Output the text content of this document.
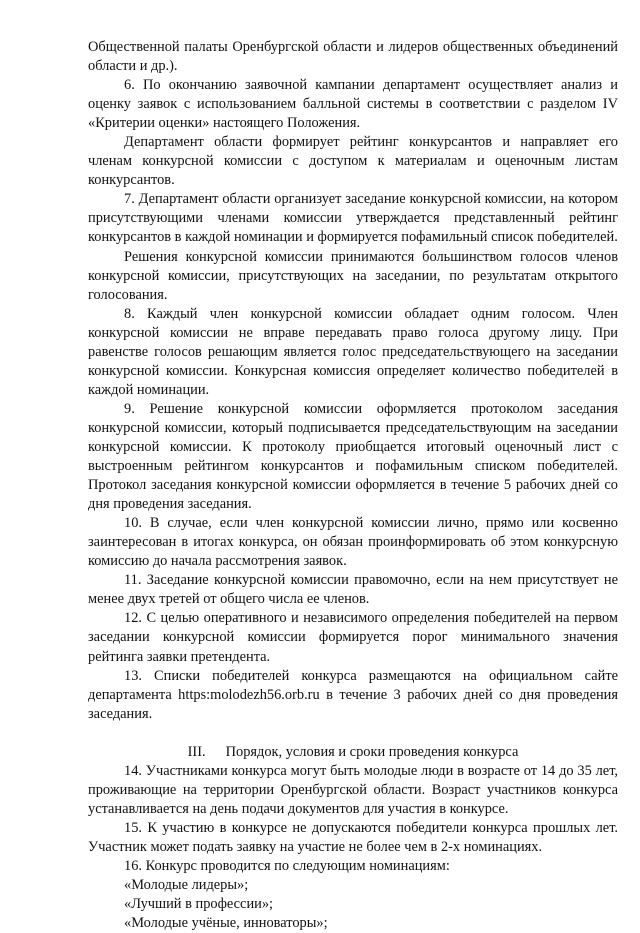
Общественной палаты Оренбургской области и лидеров общественных объединений области и др.).

6. По окончанию заявочной кампании департамент осуществляет анализ и оценку заявок с использованием балльной системы в соответствии с разделом IV «Критерии оценки» настоящего Положения.

Департамент области формирует рейтинг конкурсантов и направляет его членам конкурсной комиссии с доступом к материалам и оценочным листам конкурсантов.

7. Департамент области организует заседание конкурсной комиссии, на котором присутствующими членами комиссии утверждается представленный рейтинг конкурсантов в каждой номинации и формируется пофамильный список победителей.

Решения конкурсной комиссии принимаются большинством голосов членов конкурсной комиссии, присутствующих на заседании, по результатам открытого голосования.

8. Каждый член конкурсной комиссии обладает одним голосом. Член конкурсной комиссии не вправе передавать право голоса другому лицу. При равенстве голосов решающим является голос председательствующего на заседании конкурсной комиссии. Конкурсная комиссия определяет количество победителей в каждой номинации.

9. Решение конкурсной комиссии оформляется протоколом заседания конкурсной комиссии, который подписывается председательствующим на заседании конкурсной комиссии. К протоколу приобщается итоговый оценочный лист с выстроенным рейтингом конкурсантов и пофамильным списком победителей. Протокол заседания конкурсной комиссии оформляется в течение 5 рабочих дней со дня проведения заседания.

10. В случае, если член конкурсной комиссии лично, прямо или косвенно заинтересован в итогах конкурса, он обязан проинформировать об этом конкурсную комиссию до начала рассмотрения заявок.

11. Заседание конкурсной комиссии правомочно, если на нем присутствует не менее двух третей от общего числа ее членов.

12. С целью оперативного и независимого определения победителей на первом заседании конкурсной комиссии формируется порог минимального значения рейтинга заявки претендента.

13. Списки победителей конкурса размещаются на официальном сайте департамента https:molodezh56.orb.ru в течение 3 рабочих дней со дня проведения заседания.

III. Порядок, условия и сроки проведения конкурса

14. Участниками конкурса могут быть молодые люди в возрасте от 14 до 35 лет, проживающие на территории Оренбургской области. Возраст участников конкурса устанавливается на день подачи документов для участия в конкурсе.

15. К участию в конкурсе не допускаются победители конкурса прошлых лет. Участник может подать заявку на участие не более чем в 2-х номинациях.

16. Конкурс проводится по следующим номинациям:

«Молодые лидеры»;

«Лучший в профессии»;

«Молодые учёные, инноваторы»;
